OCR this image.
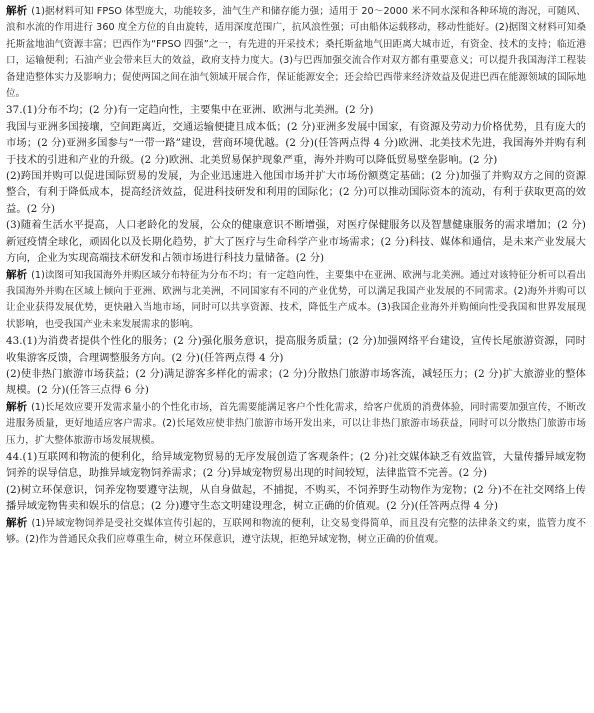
解析 (1)据材料可知 FPSO 体型庞大，功能较多，油气生产和储存能力强；适用于 20～2000 米不同水深和各种环境的海况，可随风、浪和水流的作用进行 360 度全方位的自由旋转，适用深度范围广，抗风浪性强；可由船体运载移动，移动性能好。(2)据图文材料可知桑托斯盆地油气资源丰富；巴西作为“FPSO 四强”之一，有先进的开采技术；桑托斯盆地气田距离大城市近，有资金、技术的支持；临近港口，运输便利；石油产业会带来巨大的效益，政府支持力度大。(3)与巴西加强交流合作对双方都有重要意义；可以提升我国海洋工程装备建造整体实力及影响力；促使两国之间在油气领域开展合作，保证能源安全；还会给巴西带来经济效益及促进巴西在能源领域的国际地位。

37.(1)分布不均；(2 分)有一定趋向性，主要集中在亚洲、欧洲与北美洲。(2 分)

我国与亚洲多国接壤，空间距离近，交通运输便捷且成本低；(2 分)亚洲多发展中国家，有资源及劳动力价格优势，且有庞大的市场；(2 分)亚洲多国参与“一带一路”建设，营商环境优越。(2 分)(任答两点得 4 分)欧洲、北美技术先进，我国海外并购有利于技术的引进和产业的升级。(2 分)欧洲、北美贸易保护现象严重，海外并购可以降低贸易壁垒影响。(2 分)

(2)跨国并购可以促进国际贸易的发展，为企业迅速进入他国市场并扩大市场份额奠定基础；(2 分)加强了并购双方之间的资源整合，有利于降低成本，提高经济效益，促进科技研发和利用的国际化；(2 分)可以推动国际资本的流动，有利于获取更高的效益。(2 分)

(3)随着生活水平提高，人口老龄化的发展，公众的健康意识不断增强，对医疗保健服务以及智慧健康服务的需求增加；(2 分)新冠疫情全球化，顽固化以及长期化趋势，扩大了医疗与生命科学产业市场需求；(2 分)科技、媒体和通信，是未来产业发展大方向，企业为实现高端技术研发和占领市场进行科技力量储备。(2 分)

解析 (1)读图可知我国海外并购区域分布特征为分布不均；有一定趋向性，主要集中在亚洲、欧洲与北美洲。通过对该特征分析可以看出我国海外并购在区域上倾向于亚洲、欧洲与北美洲，不同国家有不同的产业优势，可以满足我国产业发展的不同需求。(2)海外并购可以让企业获得发展优势，更快融入当地市场，同时可以共享资源、技术，降低生产成本。(3)我国企业海外并购倾向性受我国和世界发展现状影响，也受我国产业未来发展需求的影响。

43.(1)为消费者提供个性化的服务；(2 分)强化服务意识，提高服务质量；(2 分)加强网络平台建设，宣传长尾旅游资源，同时收集游客反馈，合理调整服务方向。(2 分)(任答两点得 4 分)

(2)使非热门旅游市场获益；(2 分)满足游客多样化的需求；(2 分)分散热门旅游市场客流，减轻压力；(2 分)扩大旅游业的整体规模。(2 分)(任答三点得 6 分)

解析 (1)长尾效应要开发需求量小的个性化市场，首先需要能满足客户个性化需求，给客户优质的消费体验，同时需要加强宣传，不断改进服务质量，更好地适应客户需求。(2)长尾效应使非热门旅游市场开发出来，可以让非热门旅游市场获益，同时可以分散热门旅游市场压力，扩大整体旅游市场发展规模。

44.(1)互联网和物流的便利化，给异域宠物贸易的无序发展创造了客观条件；(2 分)社交媒体缺乏有效监管，大量传播异域宠物饲养的误导信息，助推异域宠物饲养需求；(2 分)异域宠物贸易出现的时间较短，法律监管不完善。(2 分)

(2)树立环保意识，饲养宠物要遵守法规，从自身做起，不捕捉，不购买，不饲养野生动物作为宠物；(2 分)不在社交网络上传播异域宠物售卖和娱乐的信息；(2 分)遵守生态文明建设理念，树立正确的价值观。(2 分)(任答两点得 4 分)

解析 (1)异域宠物饲养是受社交媒体宣传引起的，互联网和物流的便利，让交易变得简单，而且没有完整的法律条文约束，监管力度不够。(2)作为普通民众我们应尊重生命，树立环保意识，遵守法规，拒绝异域宠物，树立正确的价值观。
